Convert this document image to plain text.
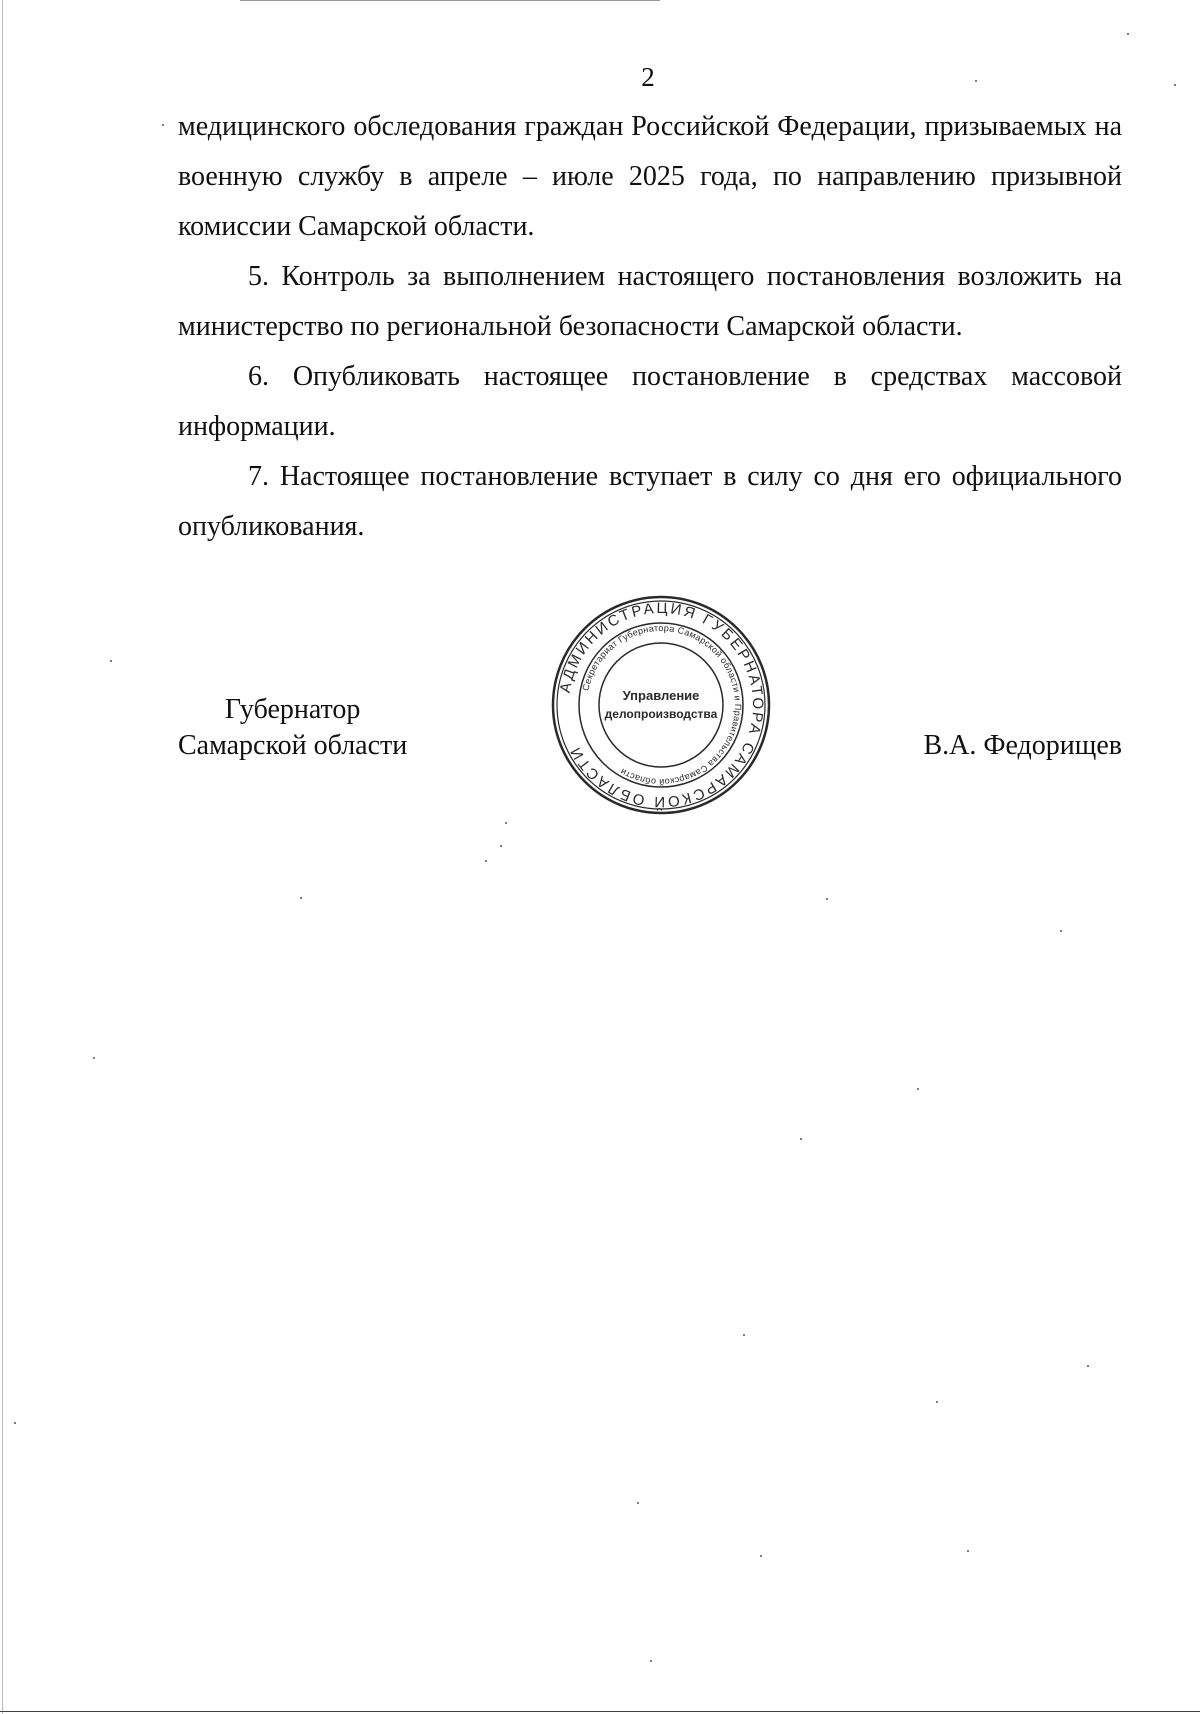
2

медицинского обследования граждан Российской Федерации, призываемых на военную службу в апреле – июле 2025 года, по направлению призывной комиссии Самарской области.

5. Контроль за выполнением настоящего постановления возложить на министерство по региональной безопасности Самарской области.

6. Опубликовать настоящее постановление в средствах массовой информации.

7. Настоящее постановление вступает в силу со дня его официального опубликования.

Губернатор
Самарской области
АДМИНИСТРАЦИЯ ГУБЕРНАТОРА САМАРСКОЙ ОБЛАСТИ
Секретариат Губернатора Самарской области и Правительства Самарской области
Управление
делопроизводства
В.А. Федорищев
